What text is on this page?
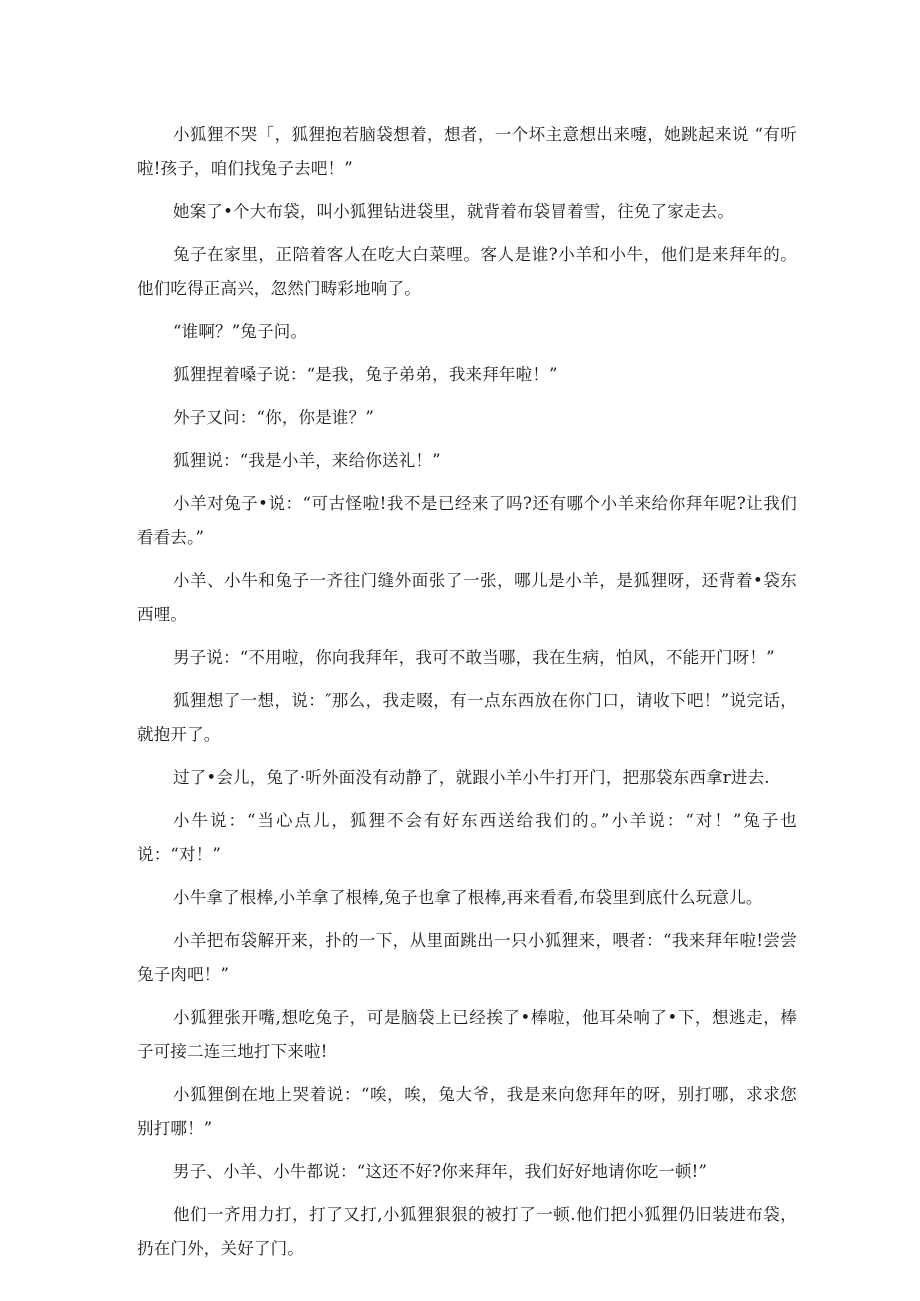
小狐狸不哭「，狐狸抱若脑袋想着，想者，一个坏主意想出来嚏，她跳起来说 “有听啦!孩子，咱们找兔子去吧！”

她案了•个大布袋，叫小狐狸钻进袋里，就背着布袋冒着雪，往免了家走去。

兔子在家里，正陪着客人在吃大白菜哩。客人是谁?小羊和小牛，他们是来拜年的。他们吃得正高兴，忽然门畴彩地响了。

“谁啊？”兔子问。

狐狸捏着嗓子说：“是我，兔子弟弟，我来拜年啦！”

外子又问：“你，你是谁？”

狐狸说：“我是小羊，来给你送礼！”

小羊对兔子•说：“可古怪啦!我不是已经来了吗?还有哪个小羊来给你拜年呢?让我们看看去。”

小羊、小牛和兔子一齐往门缝外面张了一张，哪儿是小羊，是狐狸呀，还背着•袋东西哩。

男子说：“不用啦，你向我拜年，我可不敢当哪，我在生病，怕风，不能开门呀！”

狐狸想了一想，说：″那么，我走啜，有一点东西放在你门口，请收下吧！”说完话，就抱开了。

过了•会儿，兔了·听外面没有动静了，就跟小羊小牛打开门，把那袋东西拿r进去.

小牛说：“当心点儿，狐狸不会有好东西送给我们的。”小羊说：“对！”兔子也说：“对！”

小牛拿了根棒,小羊拿了根棒,兔子也拿了根棒,再来看看,布袋里到底什么玩意儿。

小羊把布袋解开来，扑的一下，从里面跳出一只小狐狸来，喂者：“我来拜年啦!尝尝兔子肉吧！”

小狐狸张开嘴,想吃兔子，可是脑袋上已经挨了•棒啦，他耳朵响了•下，想逃走，棒子可接二连三地打下来啦!

小狐狸倒在地上哭着说：“唉，唉，兔大爷，我是来向您拜年的呀，别打哪，求求您别打哪！”

男子、小羊、小牛都说：“这还不好?你来拜年，我们好好地请你吃一顿!”

他们一齐用力打，打了又打,小狐狸狠狠的被打了一顿.他们把小狐狸仍旧装进布袋，扔在门外，关好了门。
